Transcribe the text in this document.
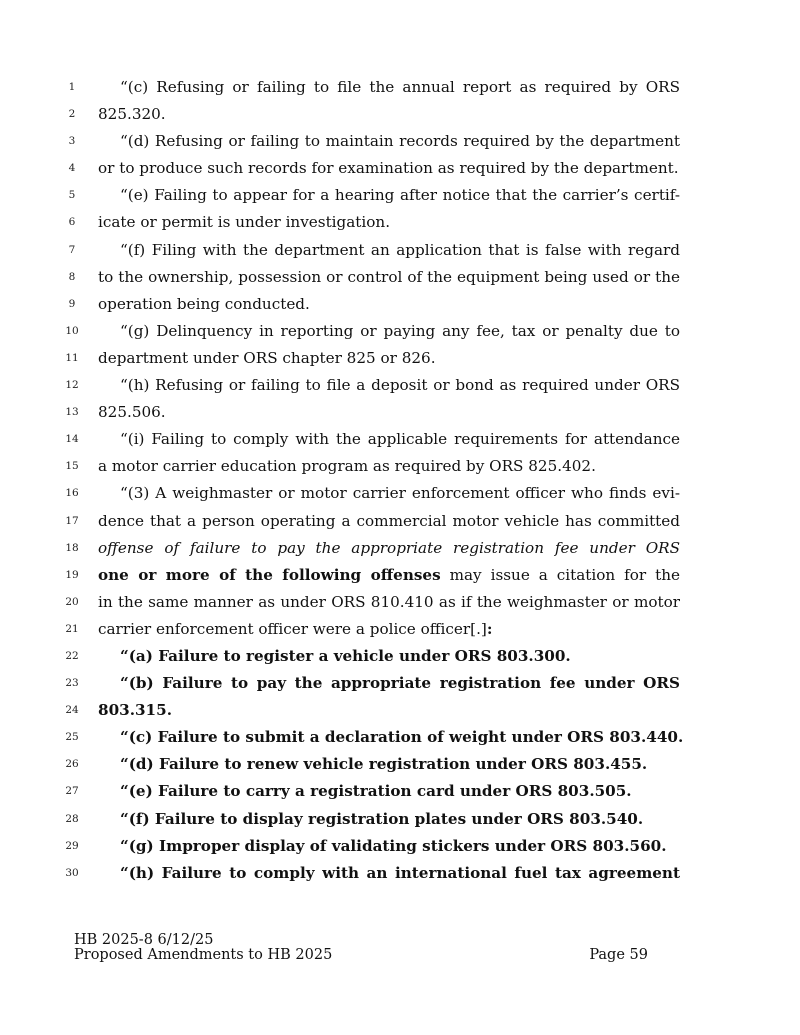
1	“(c) Refusing or failing to file the annual report as required by ORS
2	825.320.
3	“(d) Refusing or failing to maintain records required by the department
4	or to produce such records for examination as required by the department.
5	“(e) Failing to appear for a hearing after notice that the carrier’s certif-
6	icate or permit is under investigation.
7	“(f) Filing with the department an application that is false with regard
8	to the ownership, possession or control of the equipment being used or the
9	operation being conducted.
10	“(g) Delinquency in reporting or paying any fee, tax or penalty due to
11 department under ORS chapter 825 or 826.
12	“(h) Refusing or failing to file a deposit or bond as required under ORS
13 825.506.
14	“(i) Failing to comply with the applicable requirements for attendance
15 a motor carrier education program as required by ORS 825.402.
16	“(3) A weighmaster or motor carrier enforcement officer who finds evi-
17 dence that a person operating a commercial motor vehicle has committed
18 offense of failure to pay the appropriate registration fee under ORS
19 one or more of the following offenses may issue a citation for the
20 in the same manner as under ORS 810.410 as if the weighmaster or motor
21 carrier enforcement officer were a police officer[.]:
22	“(a) Failure to register a vehicle under ORS 803.300.
23	“(b) Failure to pay the appropriate registration fee under ORS
24 803.315.
25	“(c) Failure to submit a declaration of weight under ORS 803.440.
26	“(d) Failure to renew vehicle registration under ORS 803.455.
27	“(e) Failure to carry a registration card under ORS 803.505.
28	“(f) Failure to display registration plates under ORS 803.540.
29	“(g) Improper display of validating stickers under ORS 803.560.
30	“(h) Failure to comply with an international fuel tax agreement
HB 2025-8 6/12/25
Proposed Amendments to HB 2025	Page 59
